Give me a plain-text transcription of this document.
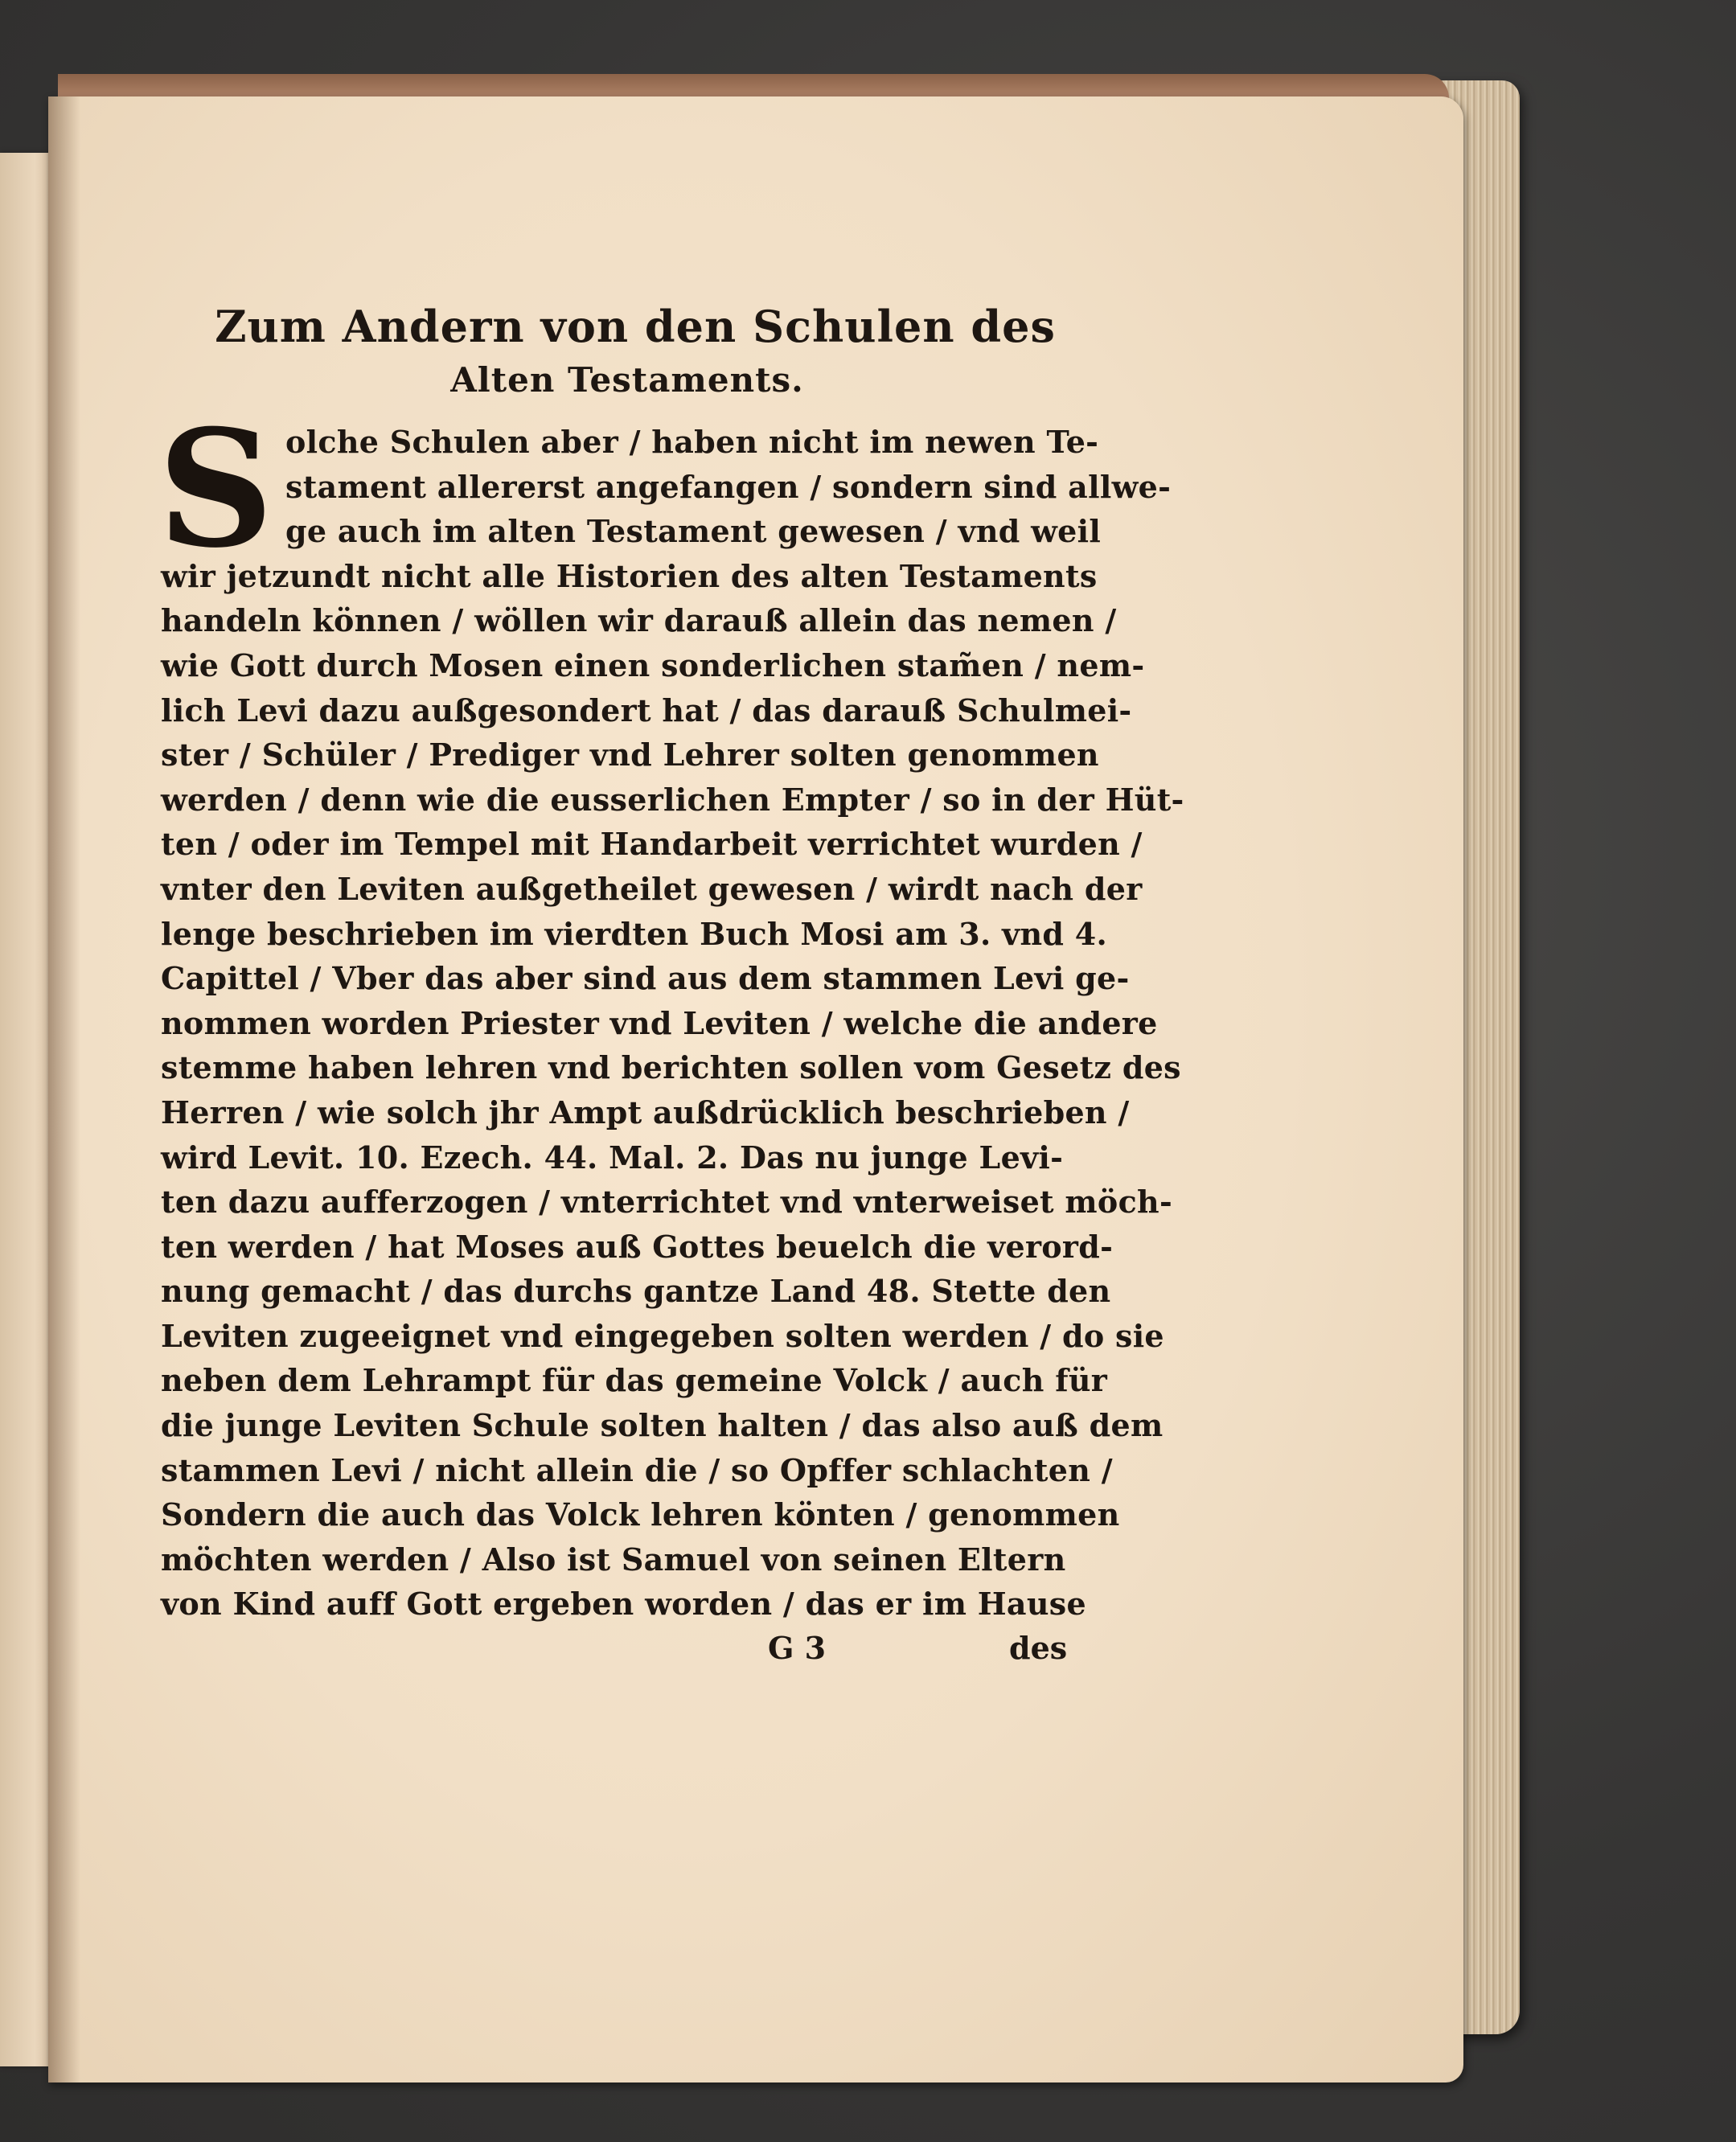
Zum Andern von den Schulen des

Alten Testaments.

S olche Schulen aber / haben nicht im newen Te-
stament allererst angefangen / sondern sind allwe-
ge auch im alten Testament gewesen / vnd weil
wir jetzundt nicht alle Historien des alten Testaments
handeln können / wöllen wir darauß allein das nemen /
wie Gott durch Mosen einen sonderlichen stam̃en / nem-
lich Levi dazu außgesondert hat / das darauß Schulmei-
ster / Schüler / Prediger vnd Lehrer solten genommen
werden / denn wie die eusserlichen Empter / so in der Hüt-
ten / oder im Tempel mit Handarbeit verrichtet wurden /
vnter den Leviten außgetheilet gewesen / wirdt nach der
lenge beschrieben im vierdten Buch Mosi am 3. vnd 4.
Capittel / Vber das aber sind aus dem stammen Levi ge-
nommen worden Priester vnd Leviten / welche die andere
stemme haben lehren vnd berichten sollen vom Gesetz des
Herren / wie solch jhr Ampt außdrücklich beschrieben /
wird Levit. 10. Ezech. 44. Mal. 2. Das nu junge Levi-
ten dazu aufferzogen / vnterrichtet vnd vnterweiset möch-
ten werden / hat Moses auß Gottes beuelch die verord-
nung gemacht / das durchs gantze Land 48. Stette den
Leviten zugeeignet vnd eingegeben solten werden / do sie
neben dem Lehrampt für das gemeine Volck / auch für
die junge Leviten Schule solten halten / das also auß dem
stammen Levi / nicht allein die / so Opffer schlachten /
Sondern die auch das Volck lehren könten / genommen
möchten werden / Also ist Samuel von seinen Eltern
von Kind auff Gott ergeben worden / das er im Hause
G 3	des
